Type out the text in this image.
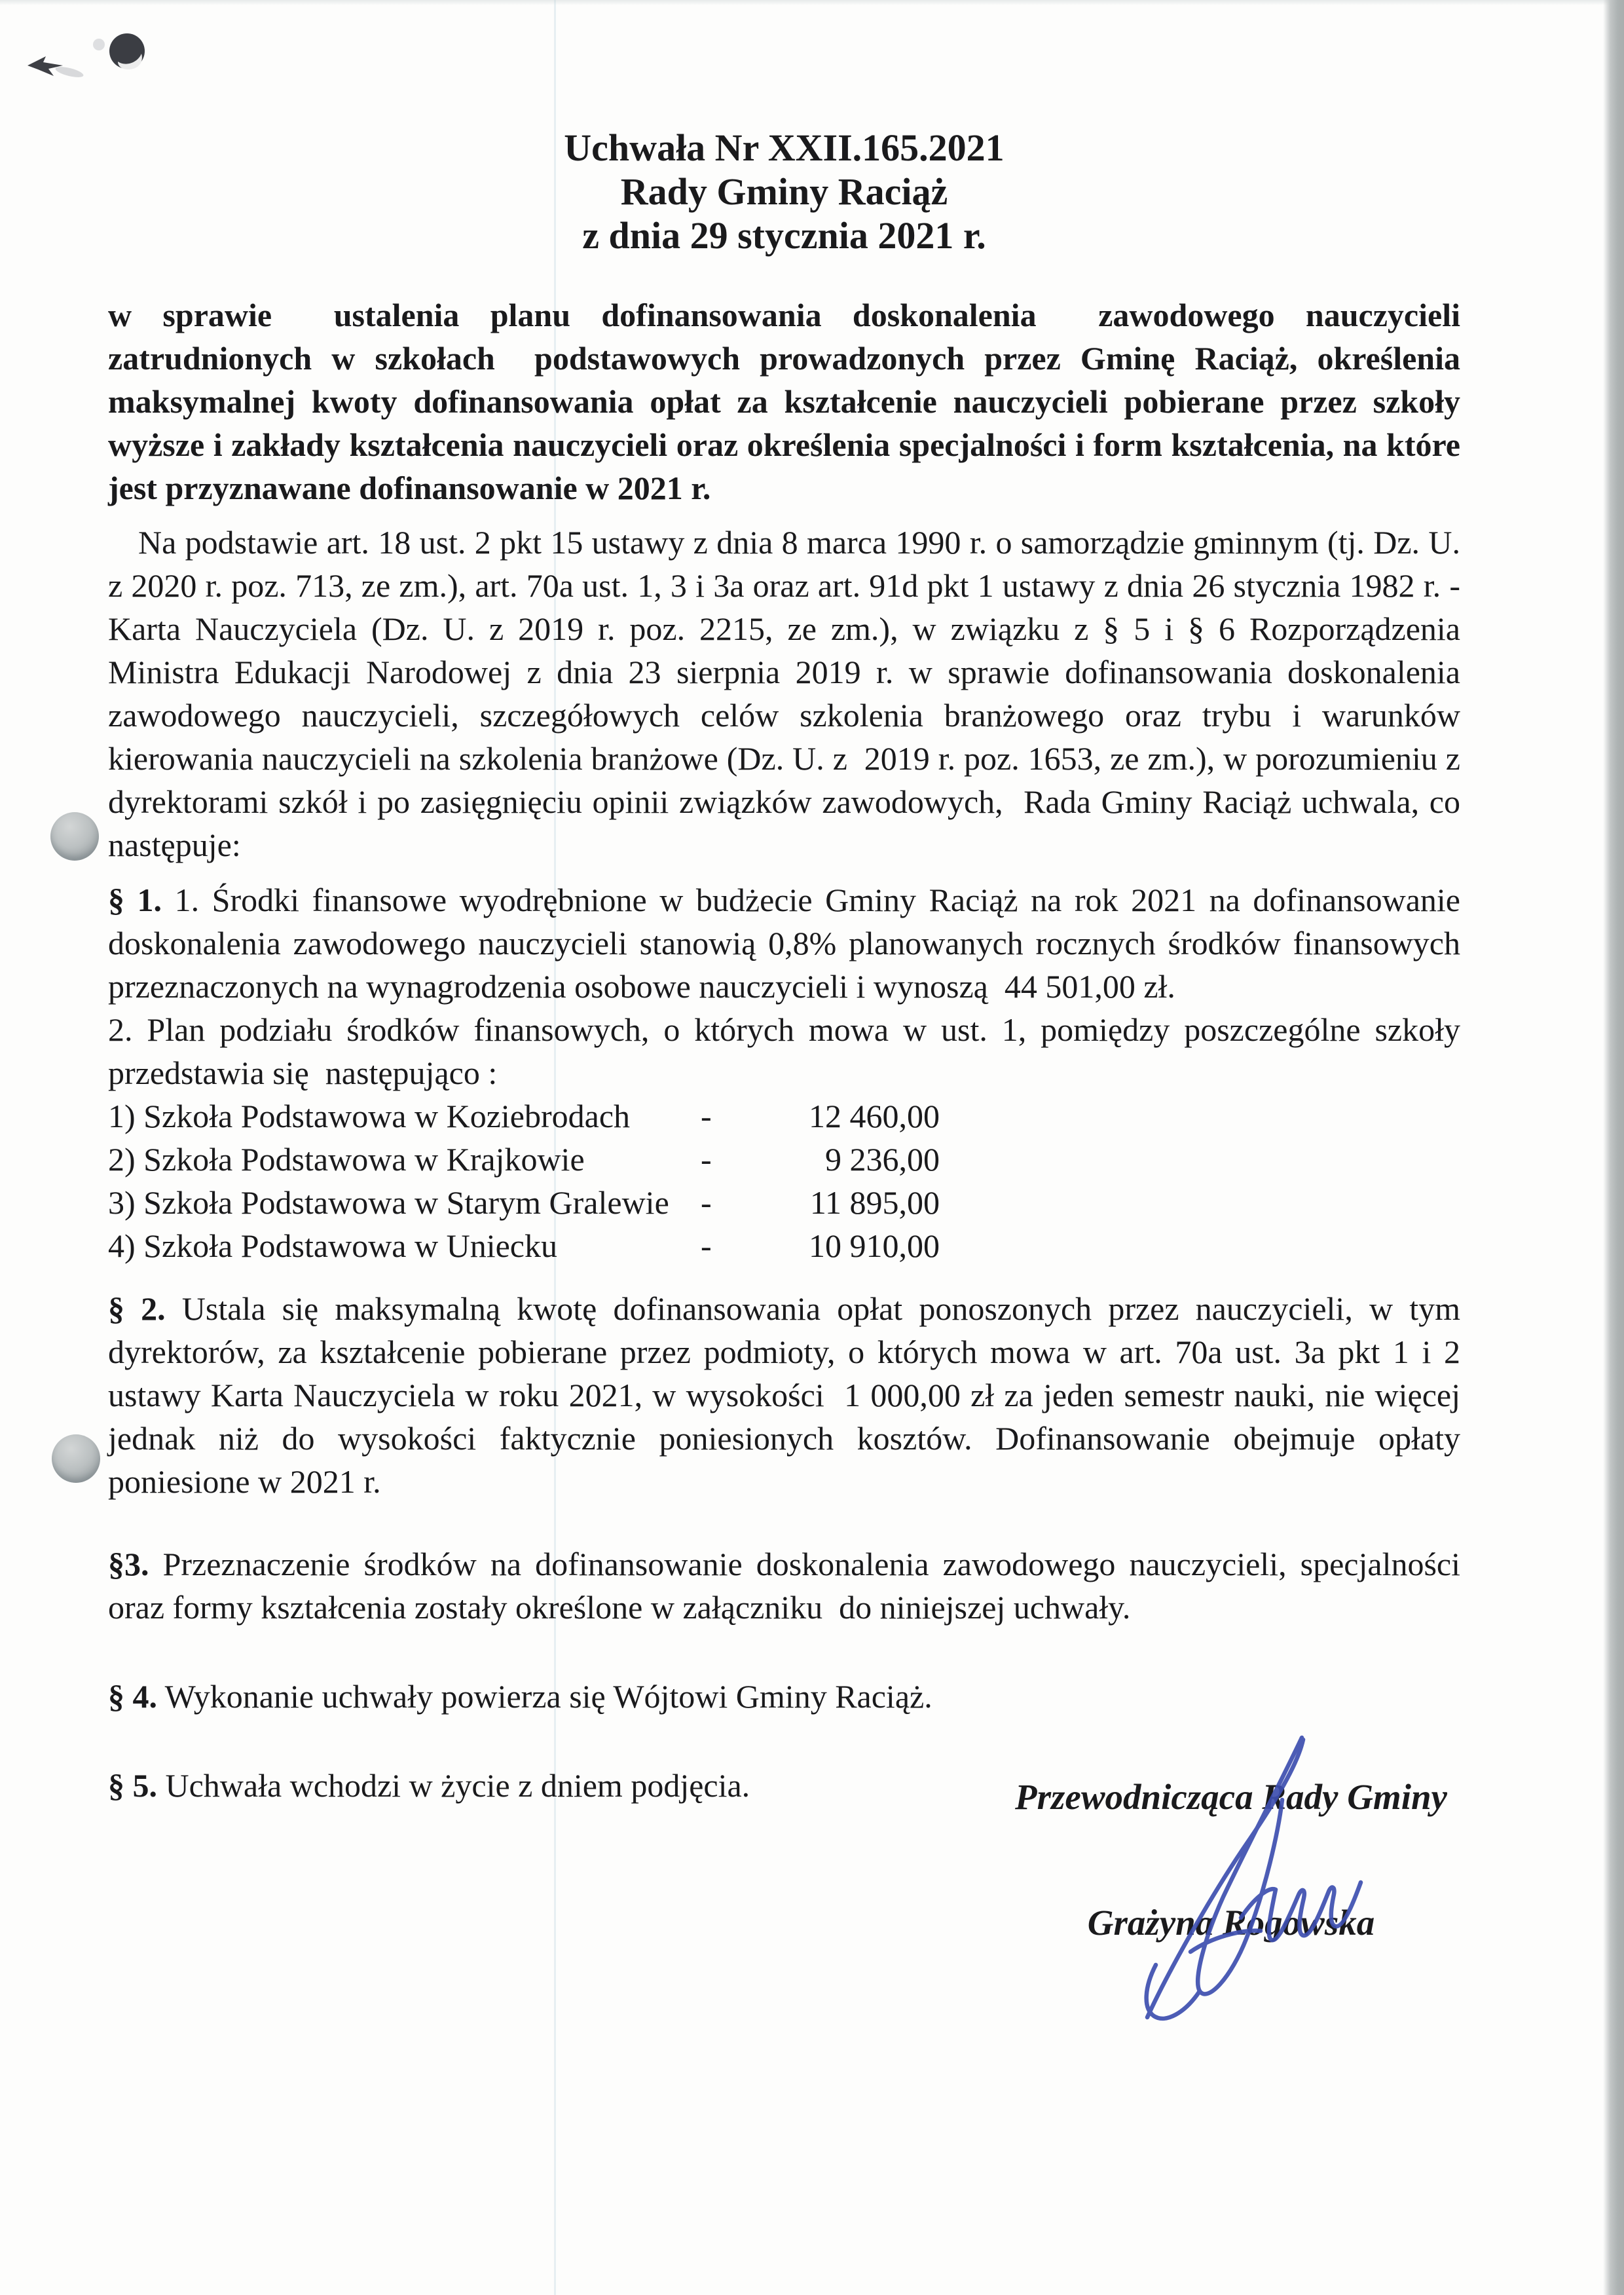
Uchwała Nr XXII.165.2021
Rady Gminy Raciąż
z dnia 29 stycznia 2021 r.

w sprawie  ustalenia planu dofinansowania doskonalenia  zawodowego nauczycieli zatrudnionych w szkołach  podstawowych prowadzonych przez Gminę Raciąż, określenia maksymalnej kwoty dofinansowania opłat za kształcenie nauczycieli pobierane przez szkoły wyższe i zakłady kształcenia nauczycieli oraz określenia specjalności i form kształcenia, na które jest przyznawane dofinansowanie w 2021 r.

Na podstawie art. 18 ust. 2 pkt 15 ustawy z dnia 8 marca 1990 r. o samorządzie gminnym (tj. Dz. U. z 2020 r. poz. 713, ze zm.), art. 70a ust. 1, 3 i 3a oraz art. 91d pkt 1 ustawy z dnia 26 stycznia 1982 r. - Karta Nauczyciela (Dz. U. z 2019 r. poz. 2215, ze zm.), w związku z § 5 i § 6 Rozporządzenia Ministra Edukacji Narodowej z dnia 23 sierpnia 2019 r. w sprawie dofinansowania doskonalenia zawodowego nauczycieli, szczegółowych celów szkolenia branżowego oraz trybu i warunków kierowania nauczycieli na szkolenia branżowe (Dz. U. z  2019 r. poz. 1653, ze zm.), w porozumieniu z dyrektorami szkół i po zasięgnięciu opinii związków zawodowych,  Rada Gminy Raciąż uchwala, co następuje:

§ 1. 1. Środki finansowe wyodrębnione w budżecie Gminy Raciąż na rok 2021 na dofinansowanie doskonalenia zawodowego nauczycieli stanowią 0,8% planowanych rocznych środków finansowych przeznaczonych na wynagrodzenia osobowe nauczycieli i wynoszą  44 501,00 zł.

2. Plan podziału środków finansowych, o których mowa w ust. 1, pomiędzy poszczególne szkoły przedstawia się  następująco :

1) Szkoła Podstawowa w Koziebrodach	-	12 460,00
2) Szkoła Podstawowa w Krajkowie	-	9 236,00
3) Szkoła Podstawowa w Starym Gralewie -	11 895,00
4) Szkoła Podstawowa w Uniecku	-	10 910,00

§ 2. Ustala się maksymalną kwotę dofinansowania opłat ponoszonych przez nauczycieli, w tym dyrektorów, za kształcenie pobierane przez podmioty, o których mowa w art. 70a ust. 3a pkt 1 i 2 ustawy Karta Nauczyciela w roku 2021, w wysokości  1 000,00 zł za jeden semestr nauki, nie więcej jednak niż do wysokości faktycznie poniesionych kosztów. Dofinansowanie obejmuje opłaty poniesione w 2021 r.

§3. Przeznaczenie środków na dofinansowanie doskonalenia zawodowego nauczycieli, specjalności oraz formy kształcenia zostały określone w załączniku  do niniejszej uchwały.

§ 4. Wykonanie uchwały powierza się Wójtowi Gminy Raciąż.

§ 5. Uchwała wchodzi w życie z dniem podjęcia.	Przewodnicząca Rady Gminy
Grażyna Rogowska
